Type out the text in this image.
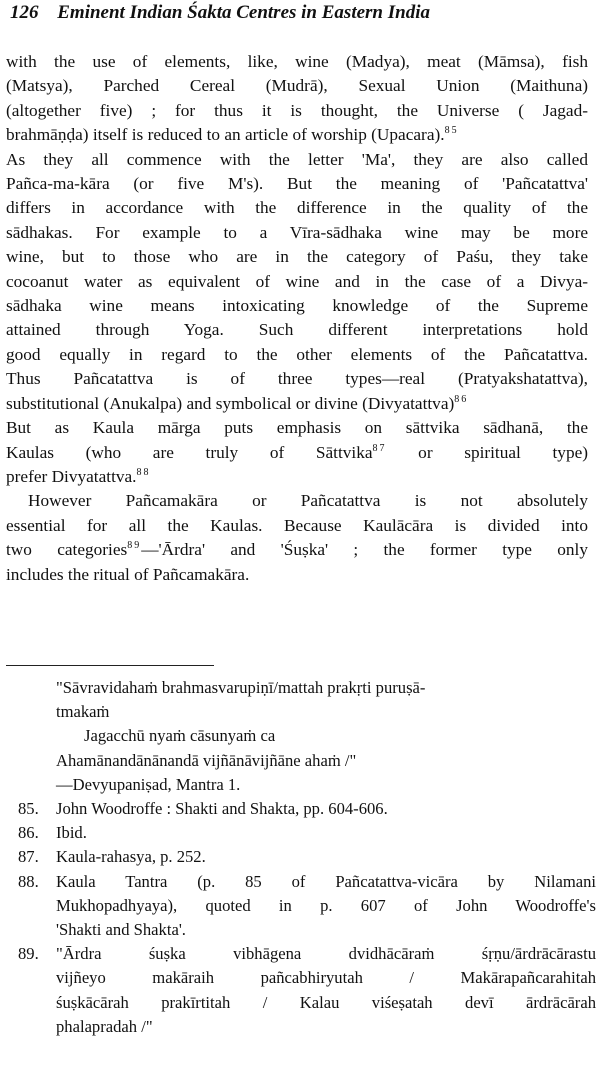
126 Eminent Indian Śakta Centres in Eastern India
with the use of elements, like, wine (Madya), meat (Māmsa), fish
(Matsya), Parched Cereal (Mudrā), Sexual Union (Maithuna)
(altogether five) ; for thus it is thought, the Universe ( Jagad-
brahmāṇḍa) itself is reduced to an article of worship (Upacara).$^{85}$
As they all commence with the letter 'Ma', they are also called
Pañca-ma-kāra (or five M's). But the meaning of 'Pañcatattva'
differs in accordance with the difference in the quality of the
sādhakas. For example to a Vīra-sādhaka wine may be more
wine, but to those who are in the category of Paśu, they take
cocoanut water as equivalent of wine and in the case of a Divya-
sādhaka wine means intoxicating knowledge of the Supreme
attained through Yoga. Such different interpretations hold
good equally in regard to the other elements of the Pañcatattva.
Thus Pañcatattva is of three types—real (Pratyakshatattva),
substitutional (Anukalpa) and symbolical or divine (Divyatattva)$^{86}$
But as Kaula mārga puts emphasis on sāttvika sādhanā, the
Kaulas (who are truly of Sāttvika$^{87}$ or spiritual type)
prefer Divyatattva.$^{88}$
However Pañcamakāra or Pañcatattva is not absolutely
essential for all the Kaulas. Because Kaulācāra is divided into
two categories$^{89}$—'Ārdra' and 'Śuṣka' ; the former type only
includes the ritual of Pañcamakāra.
"Sāvravidahaṁ brahmasvarupiṇī/mattah prakṛti puruṣā-
tmakaṁ
Jagacchū nyaṁ cāsunyaṁ ca
Ahamānandānānandā vijñānāvijñāne ahaṁ /"
—Devyupaniṣad, Mantra 1.
85.	John Woodroffe : Shakti and Shakta, pp. 604-606.
86.	Ibid.
87.	Kaula-rahasya, p. 252.
88.	Kaula Tantra (p. 85 of Pañcatattva-vicāra by Nilamani
Mukhopadhyaya), quoted in p. 607 of John Woodroffe's
'Shakti and Shakta'.
89.	"Ārdra śuṣka vibhāgena dvidhācāraṁ śṛṇu/ārdrācārastu
vijñeyo makāraih pañcabhiryutah / Makārapañcarahitah
śuṣkācārah prakīrtitah / Kalau viśeṣatah devī ārdrācārah
phalapradah /"
